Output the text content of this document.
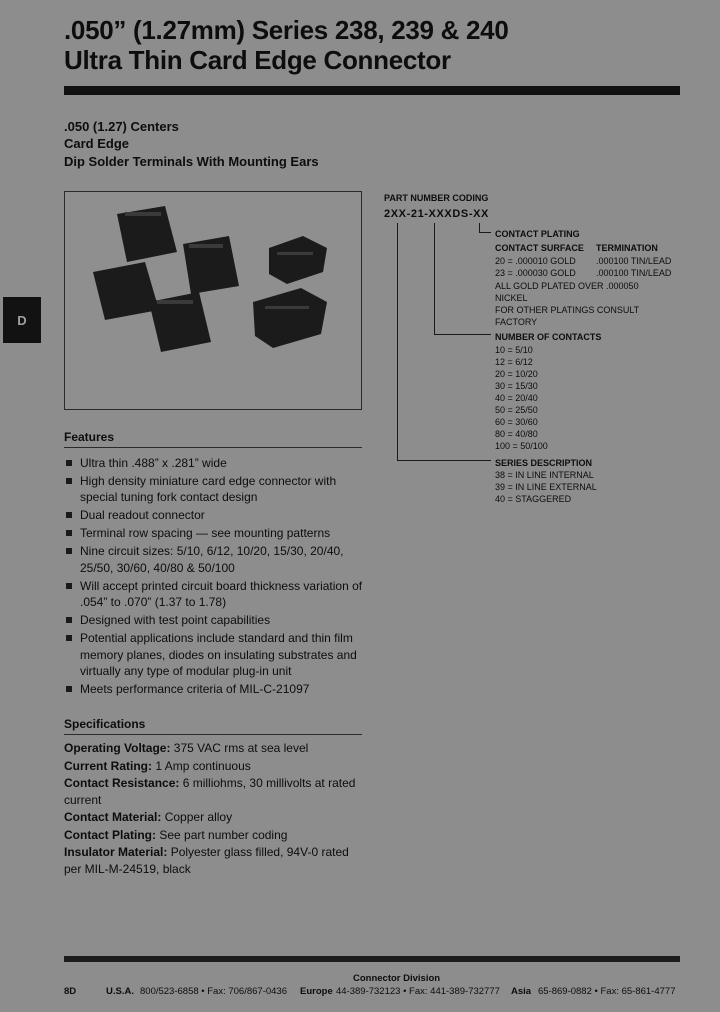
.050” (1.27mm) Series 238, 239 & 240
Ultra Thin Card Edge Connector
.050 (1.27) Centers
Card Edge
Dip Solder Terminals With Mounting Ears
D
PART NUMBER CODING
2XX-21-XXXDS-XX
CONTACT PLATING
CONTACT SURFACE TERMINATION
20 = .000010 GOLD .000100 TIN/LEAD
23 = .000030 GOLD .000100 TIN/LEAD
ALL GOLD PLATED OVER .000050
NICKEL
FOR OTHER PLATINGS CONSULT
FACTORY
NUMBER OF CONTACTS
10 = 5/10
12 = 6/12
20 = 10/20
30 = 15/30
40 = 20/40
50 = 25/50
60 = 30/60
80 = 40/80
100 = 50/100
SERIES DESCRIPTION
38 = IN LINE INTERNAL
39 = IN LINE EXTERNAL
40 = STAGGERED
Features
Ultra thin .488” x .281” wide
High density miniature card edge connector with special tuning fork contact design
Dual readout connector
Terminal row spacing — see mounting patterns
Nine circuit sizes: 5/10, 6/12, 10/20, 15/30, 20/40, 25/50, 30/60, 40/80 & 50/100
Will accept printed circuit board thickness variation of .054” to .070” (1.37 to 1.78)
Designed with test point capabilities
Potential applications include standard and thin film memory planes, diodes on insulating substrates and virtually any type of modular plug-in unit
Meets performance criteria of MIL-C-21097
Specifications
Operating Voltage: 375 VAC rms at sea level
Current Rating: 1 Amp continuous
Contact Resistance: 6 milliohms, 30 millivolts at rated current
Contact Material: Copper alloy
Contact Plating: See part number coding
Insulator Material: Polyester glass filled, 94V-0 rated per MIL-M-24519, black
Connector Division
8D	U.S.A. 800/523-6858 • Fax: 706/867-0436 Europe 44-389-732123 • Fax: 441-389-732777 Asia 65-869-0882 • Fax: 65-861-4777
